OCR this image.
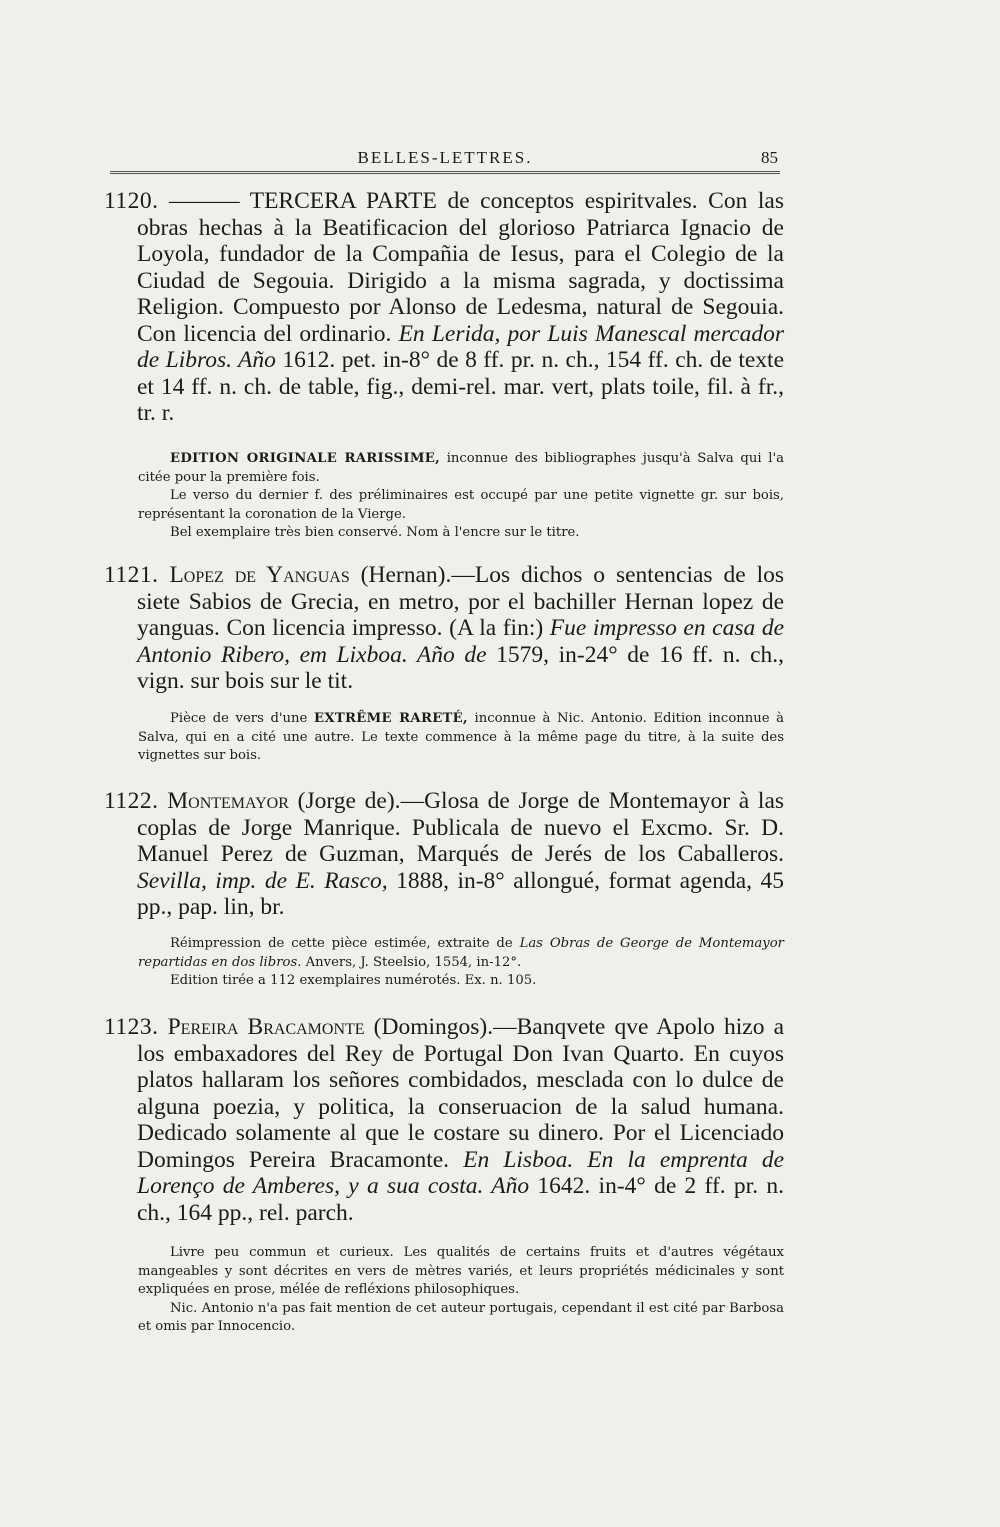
BELLES-LETTRES.	85

1120. ——— TERCERA PARTE de conceptos espiritvales. Con las obras hechas à la Beatificacion del glorioso Patriarca Ignacio de Loyola, fundador de la Compañia de Iesus, para el Colegio de la Ciudad de Segouia. Dirigido a la misma sagrada, y doctissima Religion. Compuesto por Alonso de Ledesma, natural de Segouia. Con licencia del ordinario. En Lerida, por Luis Manescal mercador de Libros. Año 1612. pet. in-8° de 8 ff. pr. n. ch., 154 ff. ch. de texte et 14 ff. n. ch. de table, fig., demi-rel. mar. vert, plats toile, fil. à fr., tr. r.

EDITION ORIGINALE RARISSIME, inconnue des bibliographes jusqu'à Salva qui l'a citée pour la première fois.

Le verso du dernier f. des préliminaires est occupé par une petite vignette gr. sur bois, représentant la coronation de la Vierge.

Bel exemplaire très bien conservé. Nom à l'encre sur le titre.

1121. Lopez de Yanguas (Hernan).—Los dichos o sentencias de los siete Sabios de Grecia, en metro, por el bachiller Hernan lopez de yanguas. Con licencia impresso. (A la fin:) Fue impresso en casa de Antonio Ribero, em Lixboa. Año de 1579, in-24° de 16 ff. n. ch., vign. sur bois sur le tit.

Pièce de vers d'une EXTRÊME RARETÉ, inconnue à Nic. Antonio. Edition inconnue à Salva, qui en a cité une autre. Le texte commence à la même page du titre, à la suite des vignettes sur bois.

1122. Montemayor (Jorge de).—Glosa de Jorge de Montemayor à las coplas de Jorge Manrique. Publicala de nuevo el Excmo. Sr. D. Manuel Perez de Guzman, Marqués de Jerés de los Caballeros. Sevilla, imp. de E. Rasco, 1888, in-8° allongué, format agenda, 45 pp., pap. lin, br.

Réimpression de cette pièce estimée, extraite de Las Obras de George de Montemayor repartidas en dos libros. Anvers, J. Steelsio, 1554, in-12°.

Edition tirée a 112 exemplaires numérotés. Ex. n. 105.

1123. Pereira Bracamonte (Domingos).—Banqvete qve Apolo hizo a los embaxadores del Rey de Portugal Don Ivan Quarto. En cuyos platos hallaram los señores combidados, mesclada con lo dulce de alguna poezia, y politica, la conseruacion de la salud humana. Dedicado solamente al que le costare su dinero. Por el Licenciado Domingos Pereira Bracamonte. En Lisboa. En la emprenta de Lorenço de Amberes, y a sua costa. Año 1642. in-4° de 2 ff. pr. n. ch., 164 pp., rel. parch.

Livre peu commun et curieux. Les qualités de certains fruits et d'autres végétaux mangeables y sont décrites en vers de mètres variés, et leurs propriétés médicinales y sont expliquées en prose, mélée de refléxions philosophiques.

Nic. Antonio n'a pas fait mention de cet auteur portugais, cependant il est cité par Barbosa et omis par Innocencio.
